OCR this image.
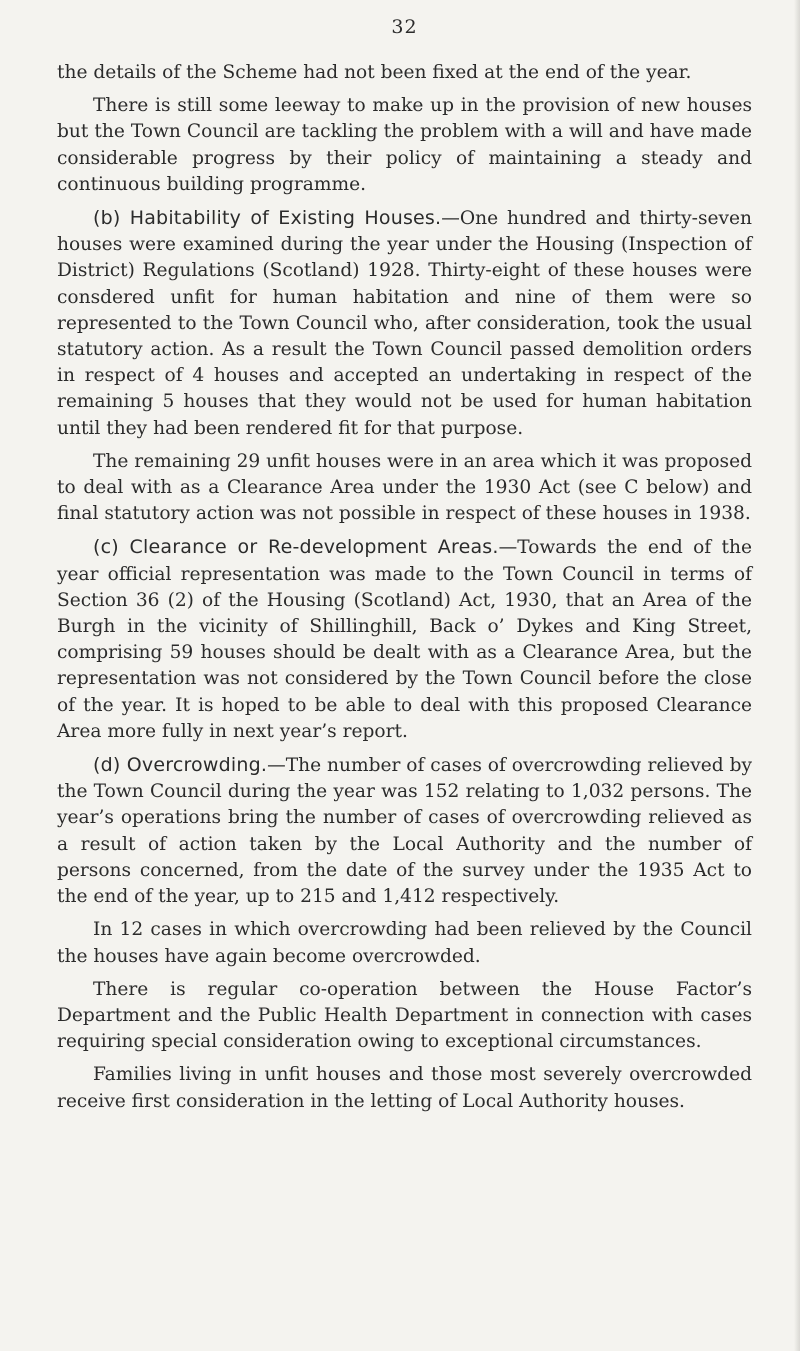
32

the details of the Scheme had not been fixed at the end of the year.

There is still some leeway to make up in the provision of new houses but the Town Council are tackling the problem with a will and have made considerable progress by their policy of maintaining a steady and continuous building programme.

(b) Habitability of Existing Houses.—One hundred and thirty-seven houses were examined during the year under the Housing (Inspection of District) Regulations (Scotland) 1928. Thirty-eight of these houses were consdered unfit for human habitation and nine of them were so represented to the Town Council who, after consideration, took the usual statutory action. As a result the Town Council passed demolition orders in respect of 4 houses and accepted an undertaking in respect of the remaining 5 houses that they would not be used for human habitation until they had been rendered fit for that purpose.

The remaining 29 unfit houses were in an area which it was proposed to deal with as a Clearance Area under the 1930 Act (see C below) and final statutory action was not possible in respect of these houses in 1938.

(c) Clearance or Re-development Areas.—Towards the end of the year official representation was made to the Town Council in terms of Section 36 (2) of the Housing (Scotland) Act, 1930, that an Area of the Burgh in the vicinity of Shillinghill, Back o’ Dykes and King Street, comprising 59 houses should be dealt with as a Clearance Area, but the representation was not considered by the Town Council before the close of the year. It is hoped to be able to deal with this proposed Clearance Area more fully in next year’s report.

(d) Overcrowding.—The number of cases of overcrowding relieved by the Town Council during the year was 152 relating to 1,032 persons. The year’s operations bring the number of cases of overcrowding relieved as a result of action taken by the Local Authority and the number of persons concerned, from the date of the survey under the 1935 Act to the end of the year, up to 215 and 1,412 respectively.

In 12 cases in which overcrowding had been relieved by the Council the houses have again become overcrowded.

There is regular co-operation between the House Factor’s Department and the Public Health Department in connection with cases requiring special consideration owing to exceptional circumstances.

Families living in unfit houses and those most severely overcrowded receive first consideration in the letting of Local Authority houses.
